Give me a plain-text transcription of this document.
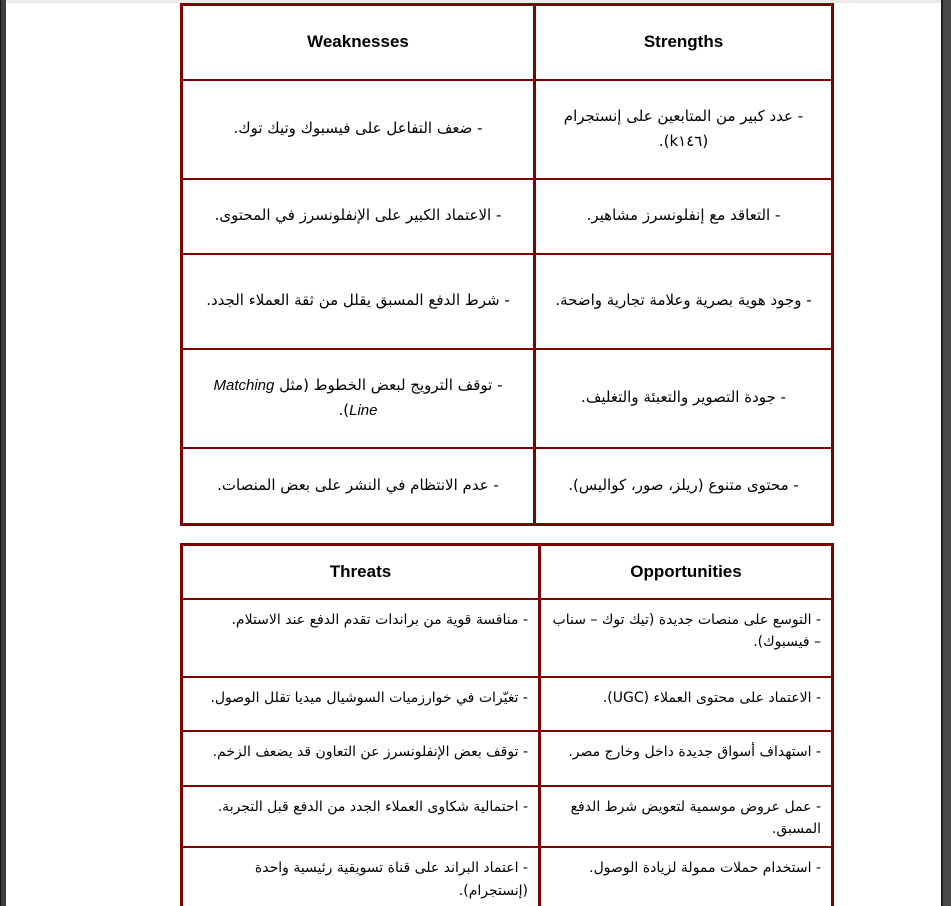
Strengths	Weaknesses
- عدد كبير من المتابعين على إنستجرام (k١٤٦).	- ضعف التفاعل على فيسبوك وتيك توك.
- التعاقد مع إنفلونسرز مشاهير.	- الاعتماد الكبير على الإنفلونسرز في المحتوى.
- وجود هوية بصرية وعلامة تجارية واضحة.	- شرط الدفع المسبق يقلل من ثقة العملاء الجدد.
- جودة التصوير والتعبئة والتغليف.	- توقف الترويج لبعض الخطوط (مثل Matching Line).
- محتوى متنوع (ريلز، صور، كواليس).	- عدم الانتظام في النشر على بعض المنصات.
Opportunities	Threats
- التوسع على منصات جديدة (تيك توك – سناب – فيسبوك).	- منافسة قوية من براندات تقدم الدفع عند الاستلام.
- الاعتماد على محتوى العملاء (UGC).	- تغيّرات في خوارزميات السوشيال ميديا تقلل الوصول.
- استهداف أسواق جديدة داخل وخارج مصر.	- توقف بعض الإنفلونسرز عن التعاون قد يضعف الزخم.
- عمل عروض موسمية لتعويض شرط الدفع المسبق.	- احتمالية شكاوى العملاء الجدد من الدفع قبل التجربة.
- استخدام حملات ممولة لزيادة الوصول.	- اعتماد البراند على قناة تسويقية رئيسية واحدة (إنستجرام).
